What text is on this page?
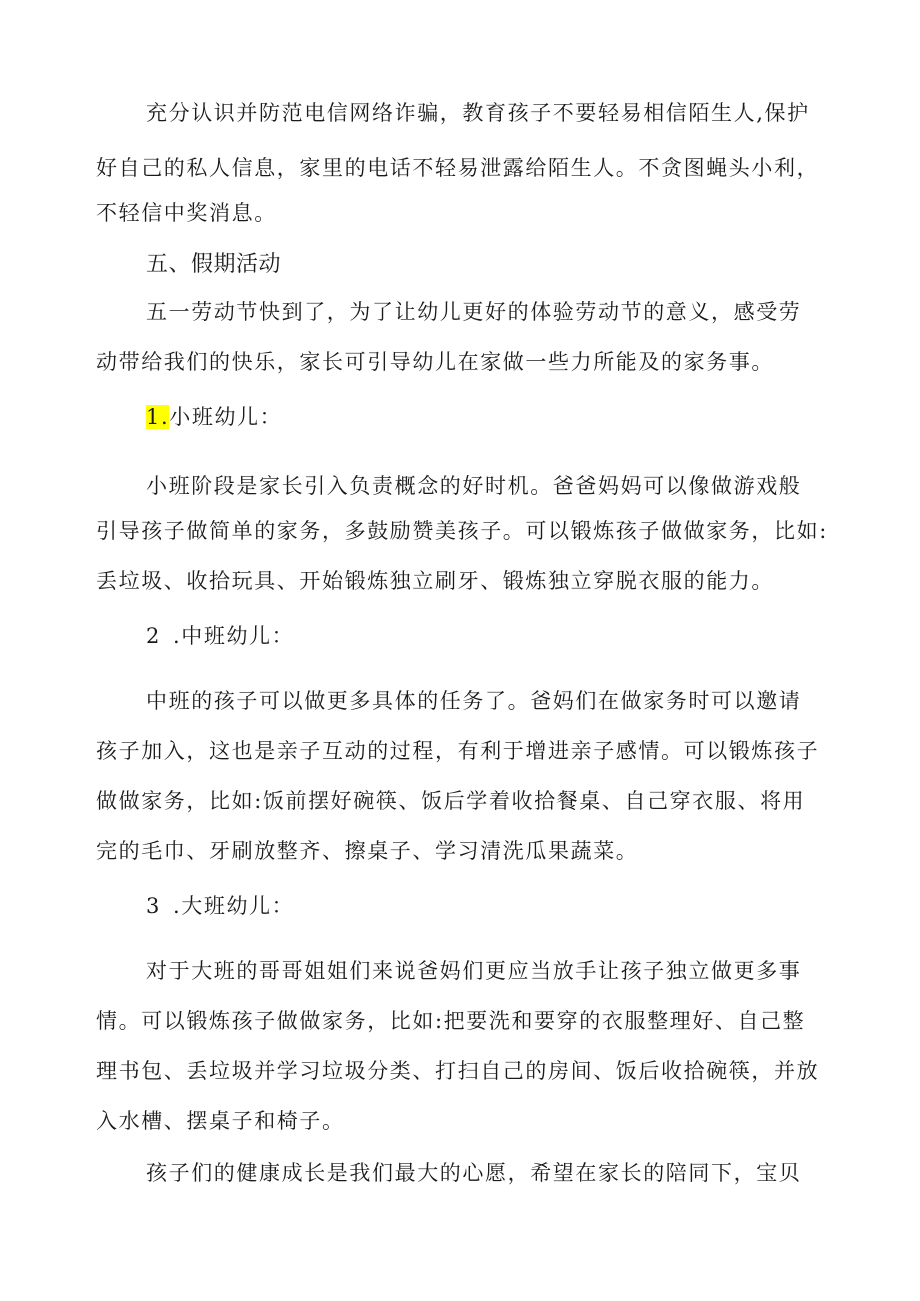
充分认识并防范电信网络诈骗，教育孩子不要轻易相信陌生人,保护
好自己的私人信息，家里的电话不轻易泄露给陌生人。不贪图蝇头小利，
不轻信中奖消息。
五、假期活动
五一劳动节快到了，为了让幼儿更好的体验劳动节的意义，感受劳
动带给我们的快乐，家长可引导幼儿在家做一些力所能及的家务事。
1.小班幼儿：
小班阶段是家长引入负责概念的好时机。爸爸妈妈可以像做游戏般
引导孩子做简单的家务，多鼓励赞美孩子。可以锻炼孩子做做家务，比如:
丢垃圾、收拾玩具、开始锻炼独立刷牙、锻炼独立穿脱衣服的能力。
2 .中班幼儿：
中班的孩子可以做更多具体的任务了。爸妈们在做家务时可以邀请
孩子加入，这也是亲子互动的过程，有利于增进亲子感情。可以锻炼孩子
做做家务，比如:饭前摆好碗筷、饭后学着收拾餐桌、自己穿衣服、将用
完的毛巾、牙刷放整齐、擦桌子、学习清洗瓜果蔬菜。
3 .大班幼儿：
对于大班的哥哥姐姐们来说爸妈们更应当放手让孩子独立做更多事
情。可以锻炼孩子做做家务，比如:把要洗和要穿的衣服整理好、自己整
理书包、丢垃圾并学习垃圾分类、打扫自己的房间、饭后收拾碗筷，并放
入水槽、摆桌子和椅子。
孩子们的健康成长是我们最大的心愿，希望在家长的陪同下，宝贝
